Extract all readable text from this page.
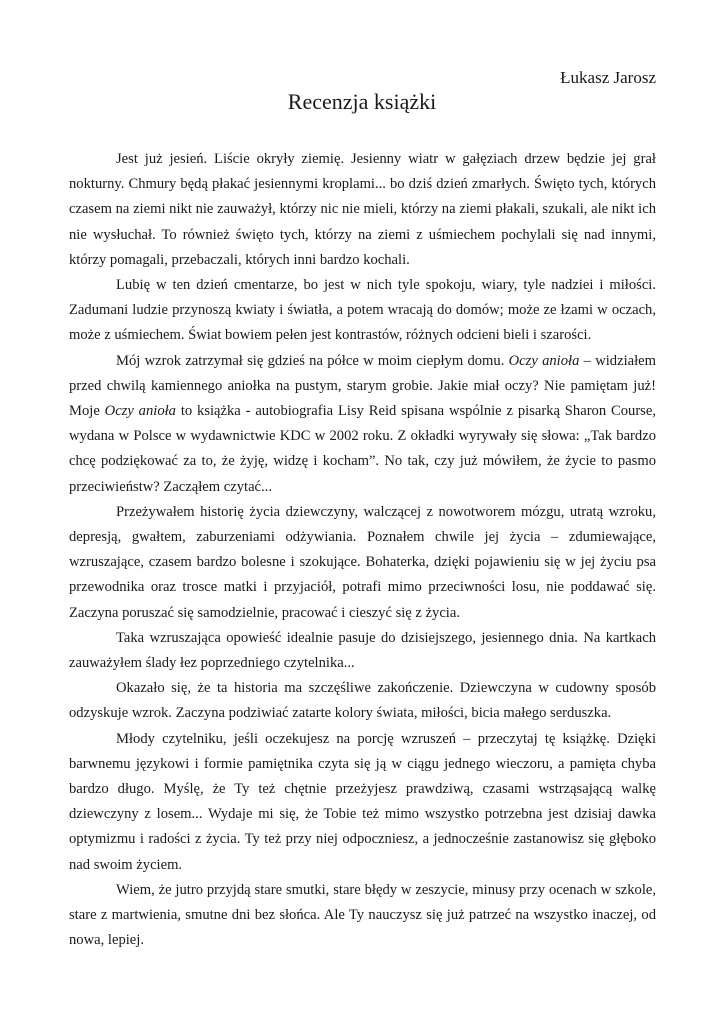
Łukasz Jarosz
Recenzja książki

Jest już jesień. Liście okryły ziemię. Jesienny wiatr w gałęziach drzew będzie jej grał nokturny. Chmury będą płakać jesiennymi kroplami... bo dziś dzień zmarłych. Święto tych, których czasem na ziemi nikt nie zauważył, którzy nic nie mieli, którzy na ziemi płakali, szukali, ale nikt ich nie wysłuchał. To również święto tych, którzy na ziemi z uśmiechem pochylali się nad innymi, którzy pomagali, przebaczali, których inni bardzo kochali.

Lubię w ten dzień cmentarze, bo jest w nich tyle spokoju, wiary, tyle nadziei i miłości. Zadumani ludzie przynoszą kwiaty i światła, a potem wracają do domów; może ze łzami w oczach, może z uśmiechem. Świat bowiem pełen jest kontrastów, różnych odcieni bieli i szarości.

Mój wzrok zatrzymał się gdzieś na półce w moim ciepłym domu. Oczy anioła – widziałem przed chwilą kamiennego aniołka na pustym, starym grobie. Jakie miał oczy? Nie pamiętam już! Moje Oczy anioła to książka - autobiografia Lisy Reid spisana wspólnie z pisarką Sharon Course, wydana w Polsce w wydawnictwie KDC w 2002 roku. Z okładki wyrywały się słowa: „Tak bardzo chcę podziękować za to, że żyję, widzę i kocham”. No tak, czy już mówiłem, że życie to pasmo przeciwieństw? Zacząłem czytać...

Przeżywałem historię życia dziewczyny, walczącej z nowotworem mózgu, utratą wzroku, depresją, gwałtem, zaburzeniami odżywiania. Poznałem chwile jej życia – zdumiewające, wzruszające, czasem bardzo bolesne i szokujące. Bohaterka, dzięki pojawieniu się w jej życiu psa przewodnika oraz trosce matki i przyjaciół, potrafi mimo przeciwności losu, nie poddawać się. Zaczyna poruszać się samodzielnie, pracować i cieszyć się z życia.

Taka wzruszająca opowieść idealnie pasuje do dzisiejszego, jesiennego dnia. Na kartkach zauważyłem ślady łez poprzedniego czytelnika...

Okazało się, że ta historia ma szczęśliwe zakończenie. Dziewczyna w cudowny sposób odzyskuje wzrok. Zaczyna podziwiać zatarte kolory świata, miłości, bicia małego serduszka.

Młody czytelniku, jeśli oczekujesz na porcję wzruszeń – przeczytaj tę książkę. Dzięki barwnemu językowi i formie pamiętnika czyta się ją w ciągu jednego wieczoru, a pamięta chyba bardzo długo. Myślę, że Ty też chętnie przeżyjesz prawdziwą, czasami wstrząsającą walkę dziewczyny z losem... Wydaje mi się, że Tobie też mimo wszystko potrzebna jest dzisiaj dawka optymizmu i radości z życia. Ty też przy niej odpoczniesz, a jednocześnie zastanowisz się głęboko nad swoim życiem.

Wiem, że jutro przyjdą stare smutki, stare błędy w zeszycie, minusy przy ocenach w szkole, stare z martwienia, smutne dni bez słońca. Ale Ty nauczysz się już patrzeć na wszystko inaczej, od nowa, lepiej.
